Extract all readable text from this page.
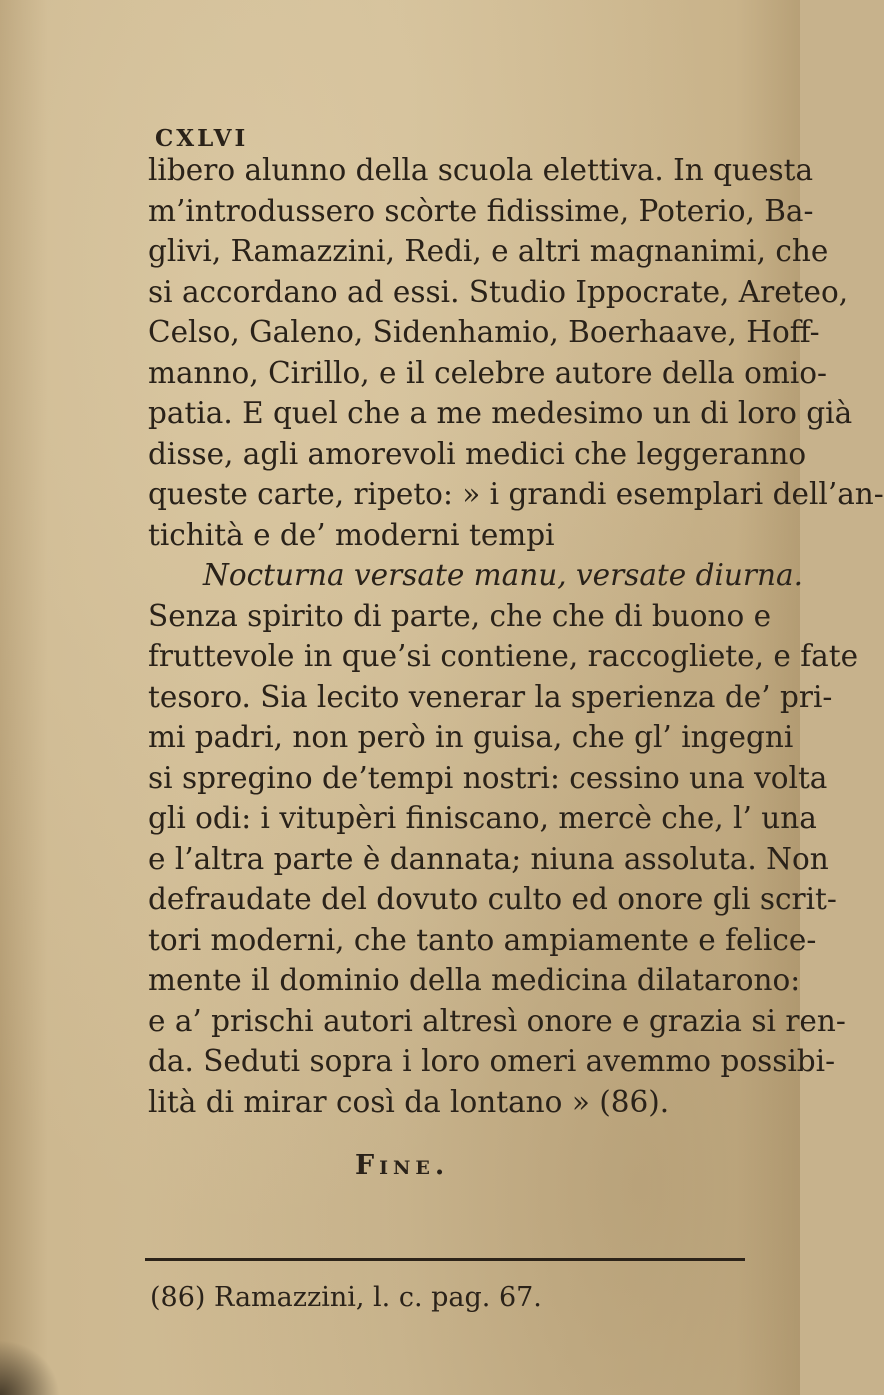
CXLVI
libero alunno della scuola elettiva. In questa
m’introdussero scòrte fidissime, Poterio, Ba-
glivi, Ramazzini, Redi, e altri magnanimi, che
si accordano ad essi. Studio Ippocrate, Areteo,
Celso, Galeno, Sidenhamio, Boerhaave, Hoff-
manno, Cirillo, e il celebre autore della omio-
patia. E quel che a me medesimo un di loro già
disse, agli amorevoli medici che leggeranno
queste carte, ripeto: » i grandi esemplari dell’an-
tichità e de’ moderni tempi
Nocturna versate manu, versate diurna.
Senza spirito di parte, che che di buono e
fruttevole in que’si contiene, raccoglietе, e fate
tesoro. Sia lecito venerar la sperienza de’ pri-
mi padri, non però in guisa, che gl’ ingegni
si spregino de’tempi nostri: cessino una volta
gli odi: i vitupèri finiscano, mercè che, l’ una
e l’altra parte è dannata; niuna assoluta. Non
defraudate del dovuto culto ed onore gli scrit-
tori moderni, che tanto ampiamente e felice-
mente il dominio della medicina dilatarono:
e a’ prischi autori altresì onore e grazia si ren-
da. Seduti sopra i loro omeri avemmo possibi-
lità di mirar così da lontano » (86).
Fine.
(86) Ramazzini, l. c. pag. 67.
